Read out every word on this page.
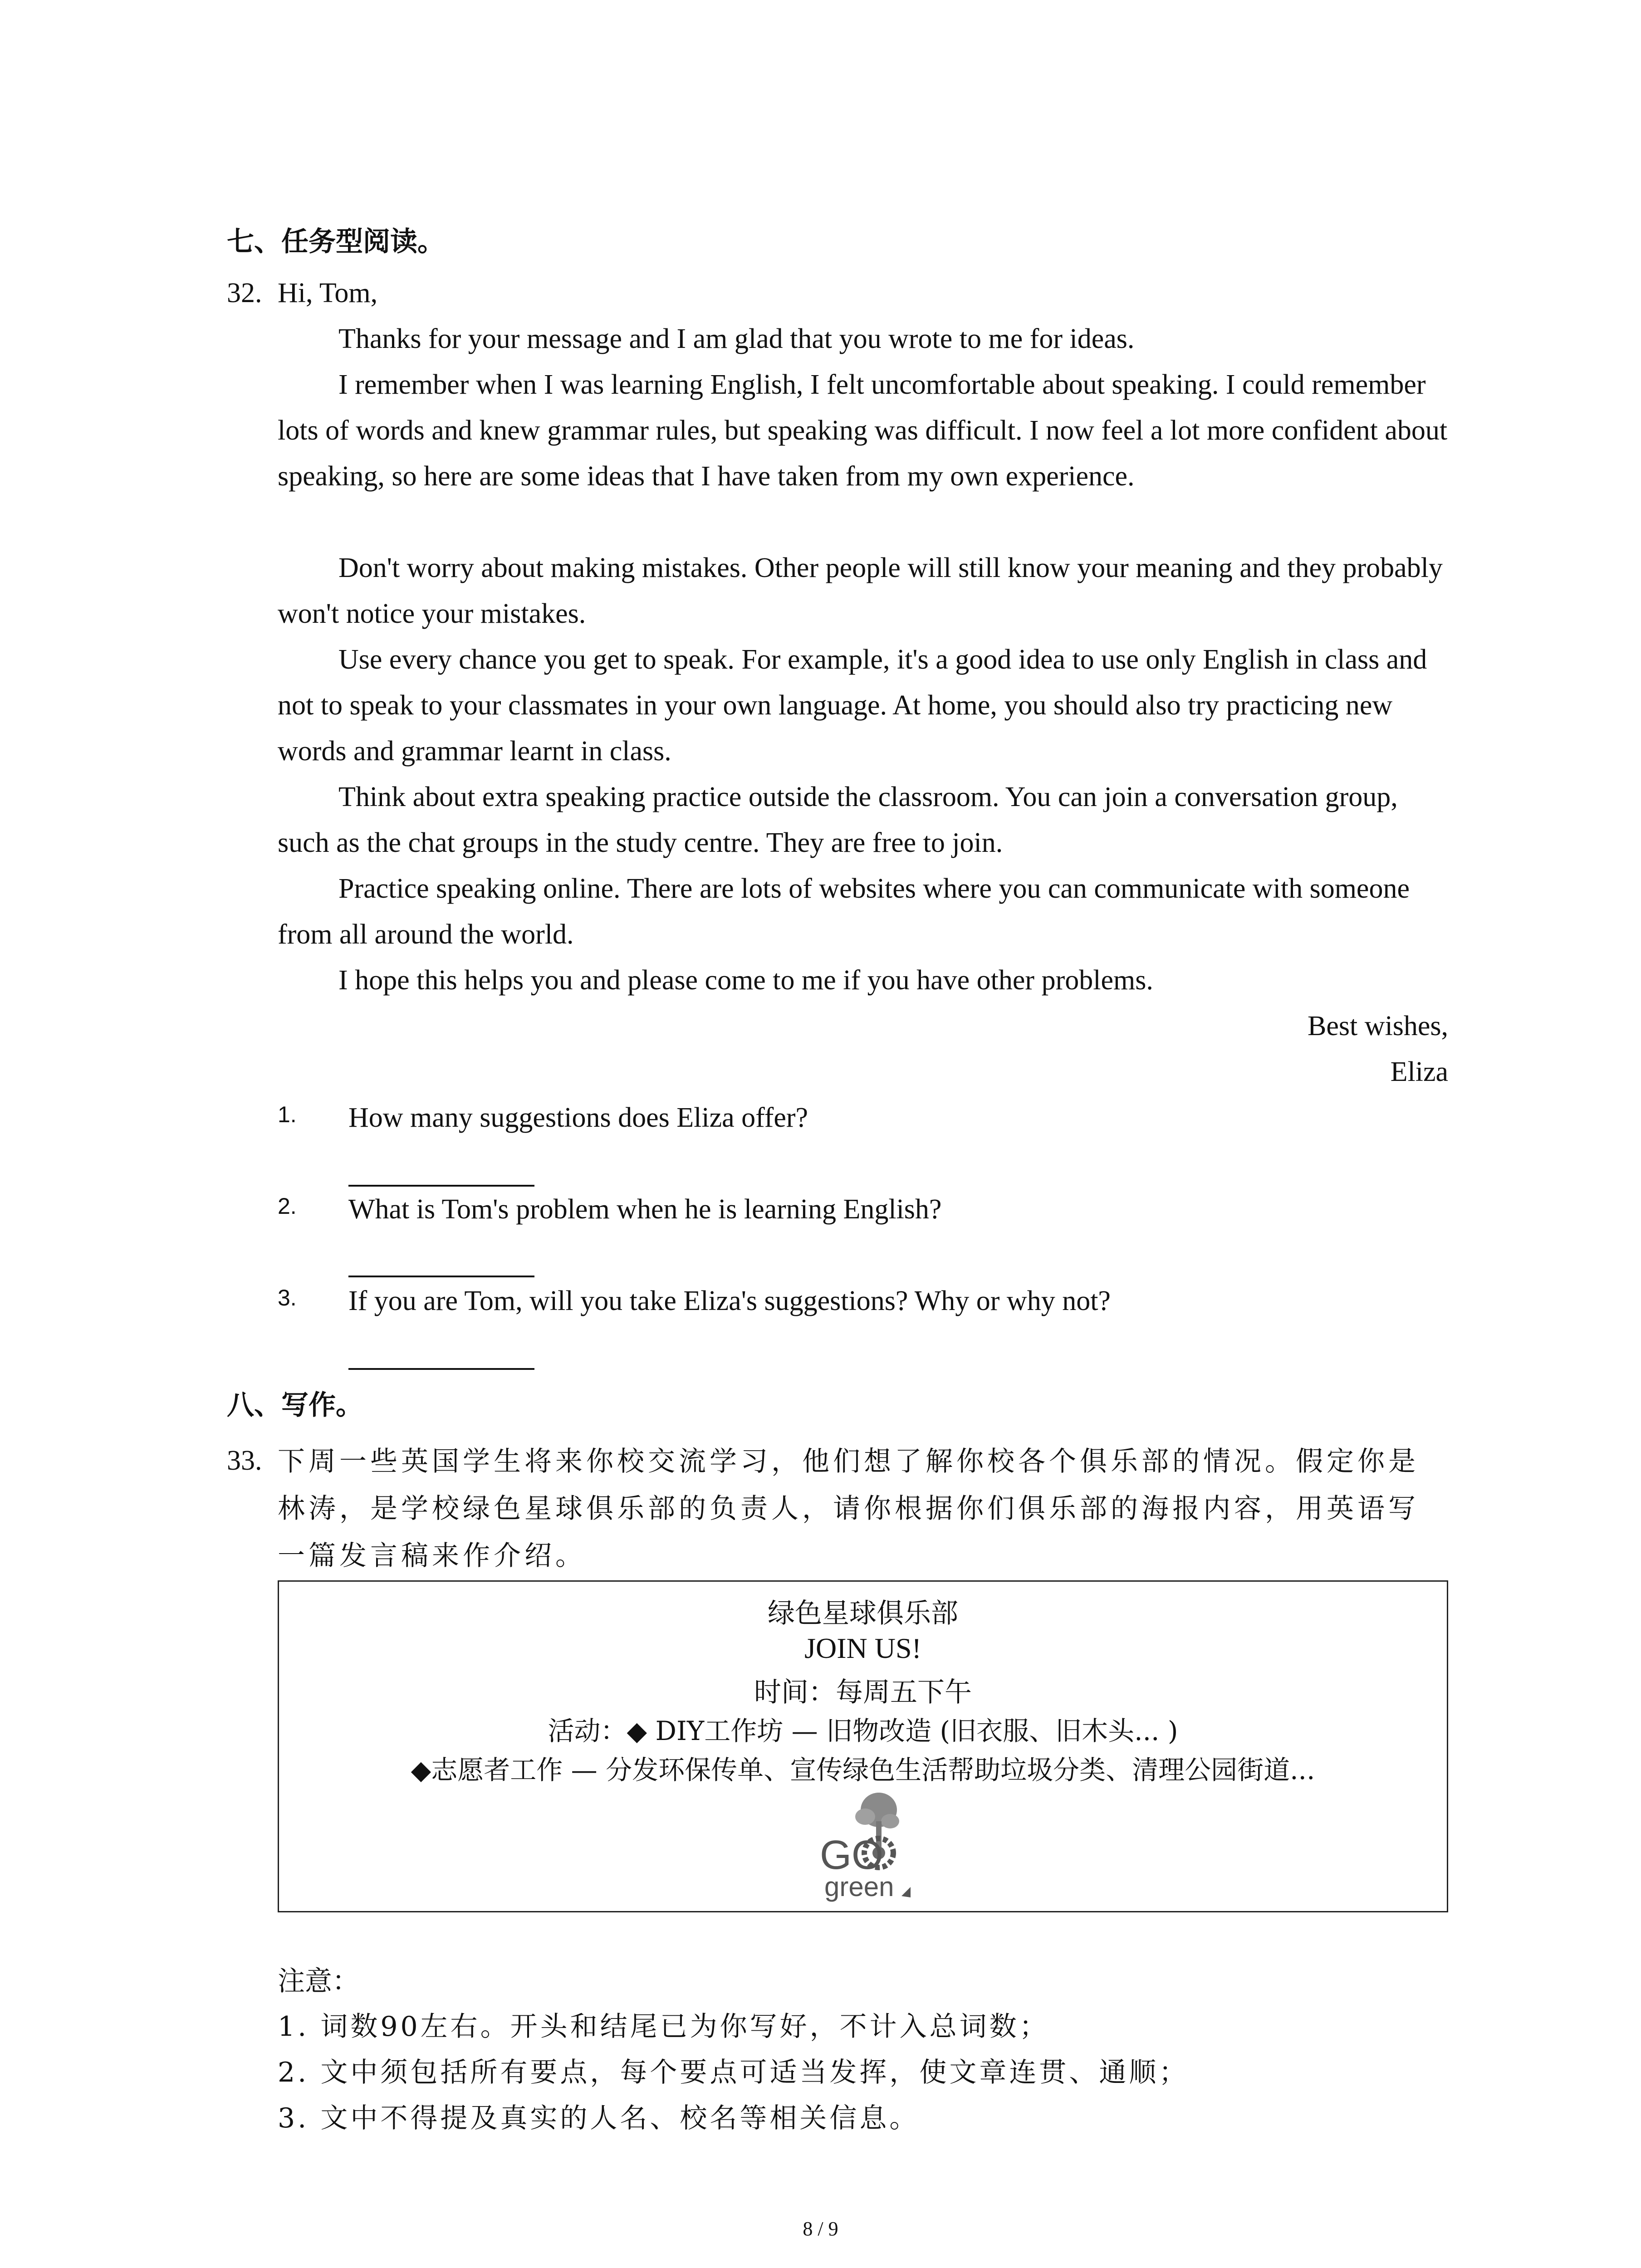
七、任务型阅读。
32. Hi, Tom,
Thanks for your message and I am glad that you wrote to me for ideas.
I remember when I was learning English, I felt uncomfortable about speaking. I could remember lots of words and knew grammar rules, but speaking was difficult. I now feel a lot more confident about speaking, so here are some ideas that I have taken from my own experience.
Don't worry about making mistakes. Other people will still know your meaning and they probably won't notice your mistakes.
Use every chance you get to speak. For example, it's a good idea to use only English in class and not to speak to your classmates in your own language. At home, you should also try practicing new words and grammar learnt in class.
Think about extra speaking practice outside the classroom. You can join a conversation group, such as the chat groups in the study centre. They are free to join.
Practice speaking online. There are lots of websites where you can communicate with someone from all around the world.
I hope this helps you and please come to me if you have other problems.
Best wishes,
Eliza
1. How many suggestions does Eliza offer?
2. What is Tom's problem when he is learning English?
3. If you are Tom, will you take Eliza's suggestions? Why or why not?
八、写作。
33. 下周一些英国学生将来你校交流学习，他们想了解你校各个俱乐部的情况。假定你是林涛，是学校绿色星球俱乐部的负责人，请你根据你们俱乐部的海报内容，用英语写一篇发言稿来作介绍。
绿色星球俱乐部
JOIN US!
时间：每周五下午
活动：◆ DIY工作坊 — 旧物改造 (旧衣服、旧木头... )
◆志愿者工作 — 分发环保传单、宣传绿色生活帮助垃圾分类、清理公园街道...
GO
green
注意：
1. 词数90左右。开头和结尾已为你写好，不计入总词数；
2. 文中须包括所有要点，每个要点可适当发挥，使文章连贯、通顺；
3. 文中不得提及真实的人名、校名等相关信息。
8 / 9
